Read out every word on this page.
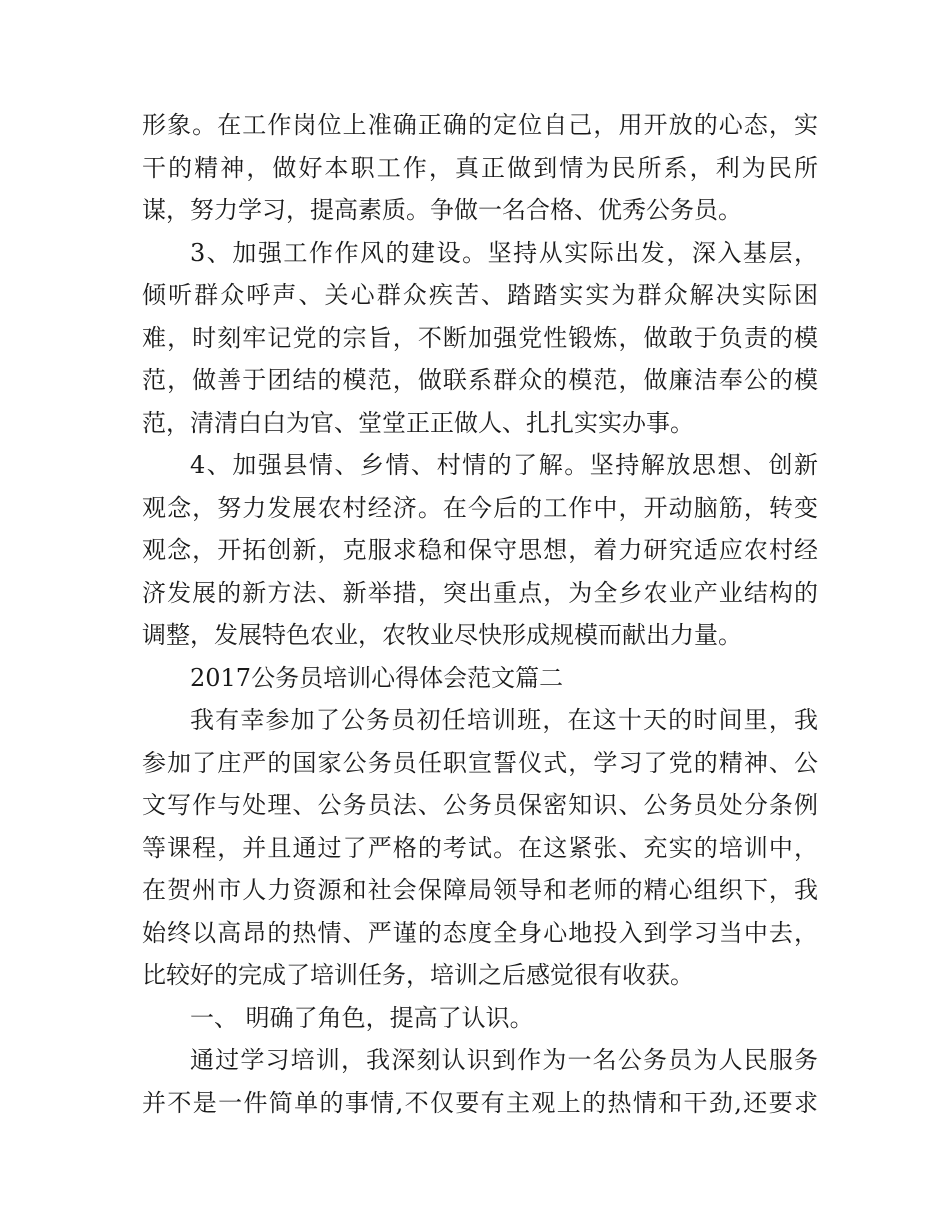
形象。在工作岗位上准确正确的定位自己，用开放的心态，实
干的精神，做好本职工作，真正做到情为民所系，利为民所
谋，努力学习，提高素质。争做一名合格、优秀公务员。
3、加强工作作风的建设。坚持从实际出发，深入基层，
倾听群众呼声、关心群众疾苦、踏踏实实为群众解决实际困
难，时刻牢记党的宗旨，不断加强党性锻炼，做敢于负责的模
范，做善于团结的模范，做联系群众的模范，做廉洁奉公的模
范，清清白白为官、堂堂正正做人、扎扎实实办事。
4、加强县情、乡情、村情的了解。坚持解放思想、创新
观念，努力发展农村经济。在今后的工作中，开动脑筋，转变
观念，开拓创新，克服求稳和保守思想，着力研究适应农村经
济发展的新方法、新举措，突出重点，为全乡农业产业结构的
调整，发展特色农业，农牧业尽快形成规模而献出力量。
2017公务员培训心得体会范文篇二
我有幸参加了公务员初任培训班，在这十天的时间里，我
参加了庄严的国家公务员任职宣誓仪式，学习了党的精神、公
文写作与处理、公务员法、公务员保密知识、公务员处分条例
等课程，并且通过了严格的考试。在这紧张、充实的培训中，
在贺州市人力资源和社会保障局领导和老师的精心组织下，我
始终以高昂的热情、严谨的态度全身心地投入到学习当中去，
比较好的完成了培训任务，培训之后感觉很有收获。
一、 明确了角色，提高了认识。
通过学习培训，我深刻认识到作为一名公务员为人民服务
并不是一件简单的事情,不仅要有主观上的热情和干劲,还要求
